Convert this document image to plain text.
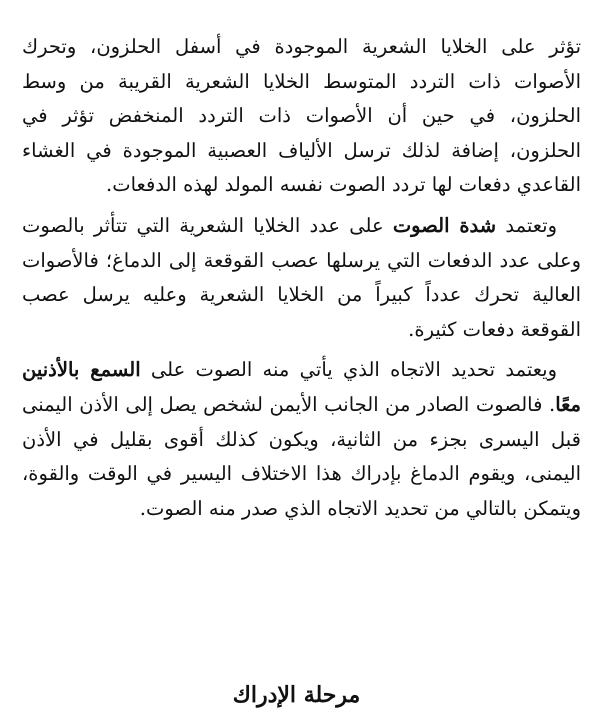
تؤثر على الخلايا الشعرية الموجودة في أسفل الحلزون، وتحرك الأصوات ذات التردد المتوسط الخلايا الشعرية القريبة من وسط الحلزون، في حين أن الأصوات ذات التردد المنخفض تؤثر في الحلزون، إضافة لذلك ترسل الألياف العصبية الموجودة في الغشاء القاعدي دفعات لها تردد الصوت نفسه المولد لهذه الدفعات.

وتعتمد شدة الصوت على عدد الخلايا الشعرية التي تتأثر بالصوت وعلى عدد الدفعات التي يرسلها عصب القوقعة إلى الدماغ؛ فالأصوات العالية تحرك عدداً كبيراً من الخلايا الشعرية وعليه يرسل عصب القوقعة دفعات كثيرة.

ويعتمد تحديد الاتجاه الذي يأتي منه الصوت على السمع بالأذنين معًا. فالصوت الصادر من الجانب الأيمن لشخص يصل إلى الأذن اليمنى قبل اليسرى بجزء من الثانية، ويكون كذلك أقوى بقليل في الأذن اليمنى، ويقوم الدماغ بإدراك هذا الاختلاف اليسير في الوقت والقوة، ويتمكن بالتالي من تحديد الاتجاه الذي صدر منه الصوت.

مرحلة الإدراك
